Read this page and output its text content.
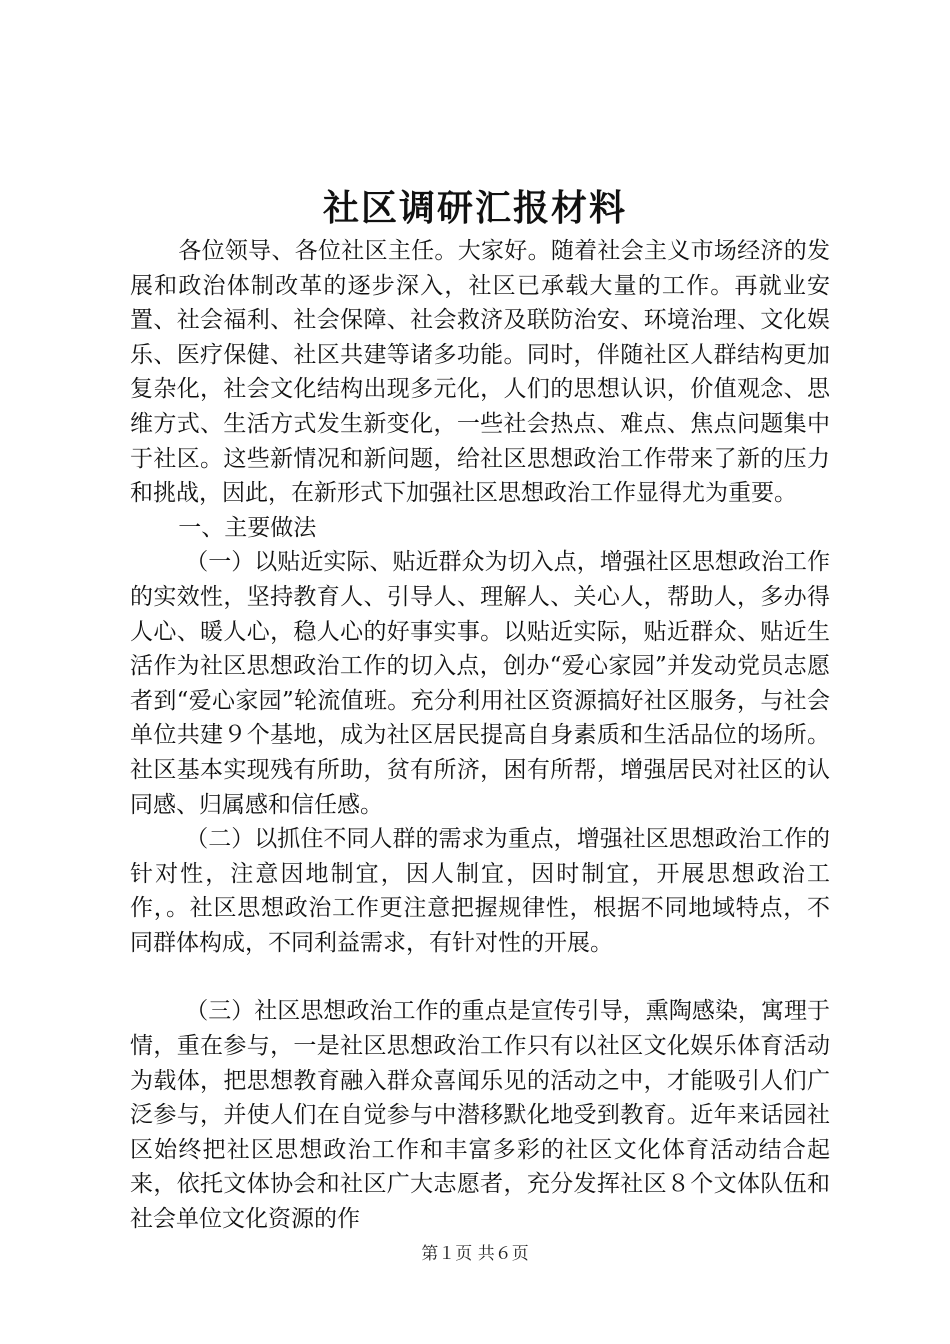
社区调研汇报材料

各位领导、各位社区主任。大家好。随着社会主义市场经济的发展和政治体制改革的逐步深入，社区已承载大量的工作。再就业安置、社会福利、社会保障、社会救济及联防治安、环境治理、文化娱乐、医疗保健、社区共建等诸多功能。同时，伴随社区人群结构更加复杂化，社会文化结构出现多元化，人们的思想认识，价值观念、思维方式、生活方式发生新变化，一些社会热点、难点、焦点问题集中于社区。这些新情况和新问题，给社区思想政治工作带来了新的压力和挑战，因此，在新形式下加强社区思想政治工作显得尤为重要。

一、主要做法

（一）以贴近实际、贴近群众为切入点，增强社区思想政治工作的实效性，坚持教育人、引导人、理解人、关心人，帮助人，多办得人心、暖人心，稳人心的好事实事。以贴近实际，贴近群众、贴近生活作为社区思想政治工作的切入点，创办“爱心家园”并发动党员志愿者到“爱心家园”轮流值班。充分利用社区资源搞好社区服务，与社会单位共建９个基地，成为社区居民提高自身素质和生活品位的场所。社区基本实现残有所助，贫有所济，困有所帮，增强居民对社区的认同感、归属感和信任感。

（二）以抓住不同人群的需求为重点，增强社区思想政治工作的针对性，注意因地制宜，因人制宜，因时制宜，开展思想政治工作，。社区思想政治工作更注意把握规律性，根据不同地域特点，不同群体构成，不同利益需求，有针对性的开展。

（三）社区思想政治工作的重点是宣传引导，熏陶感染，寓理于情，重在参与，一是社区思想政治工作只有以社区文化娱乐体育活动为载体，把思想教育融入群众喜闻乐见的活动之中，才能吸引人们广泛参与，并使人们在自觉参与中潜移默化地受到教育。近年来话园社区始终把社区思想政治工作和丰富多彩的社区文化体育活动结合起来，依托文体协会和社区广大志愿者，充分发挥社区８个文体队伍和社会单位文化资源的作

第１页 共６页
